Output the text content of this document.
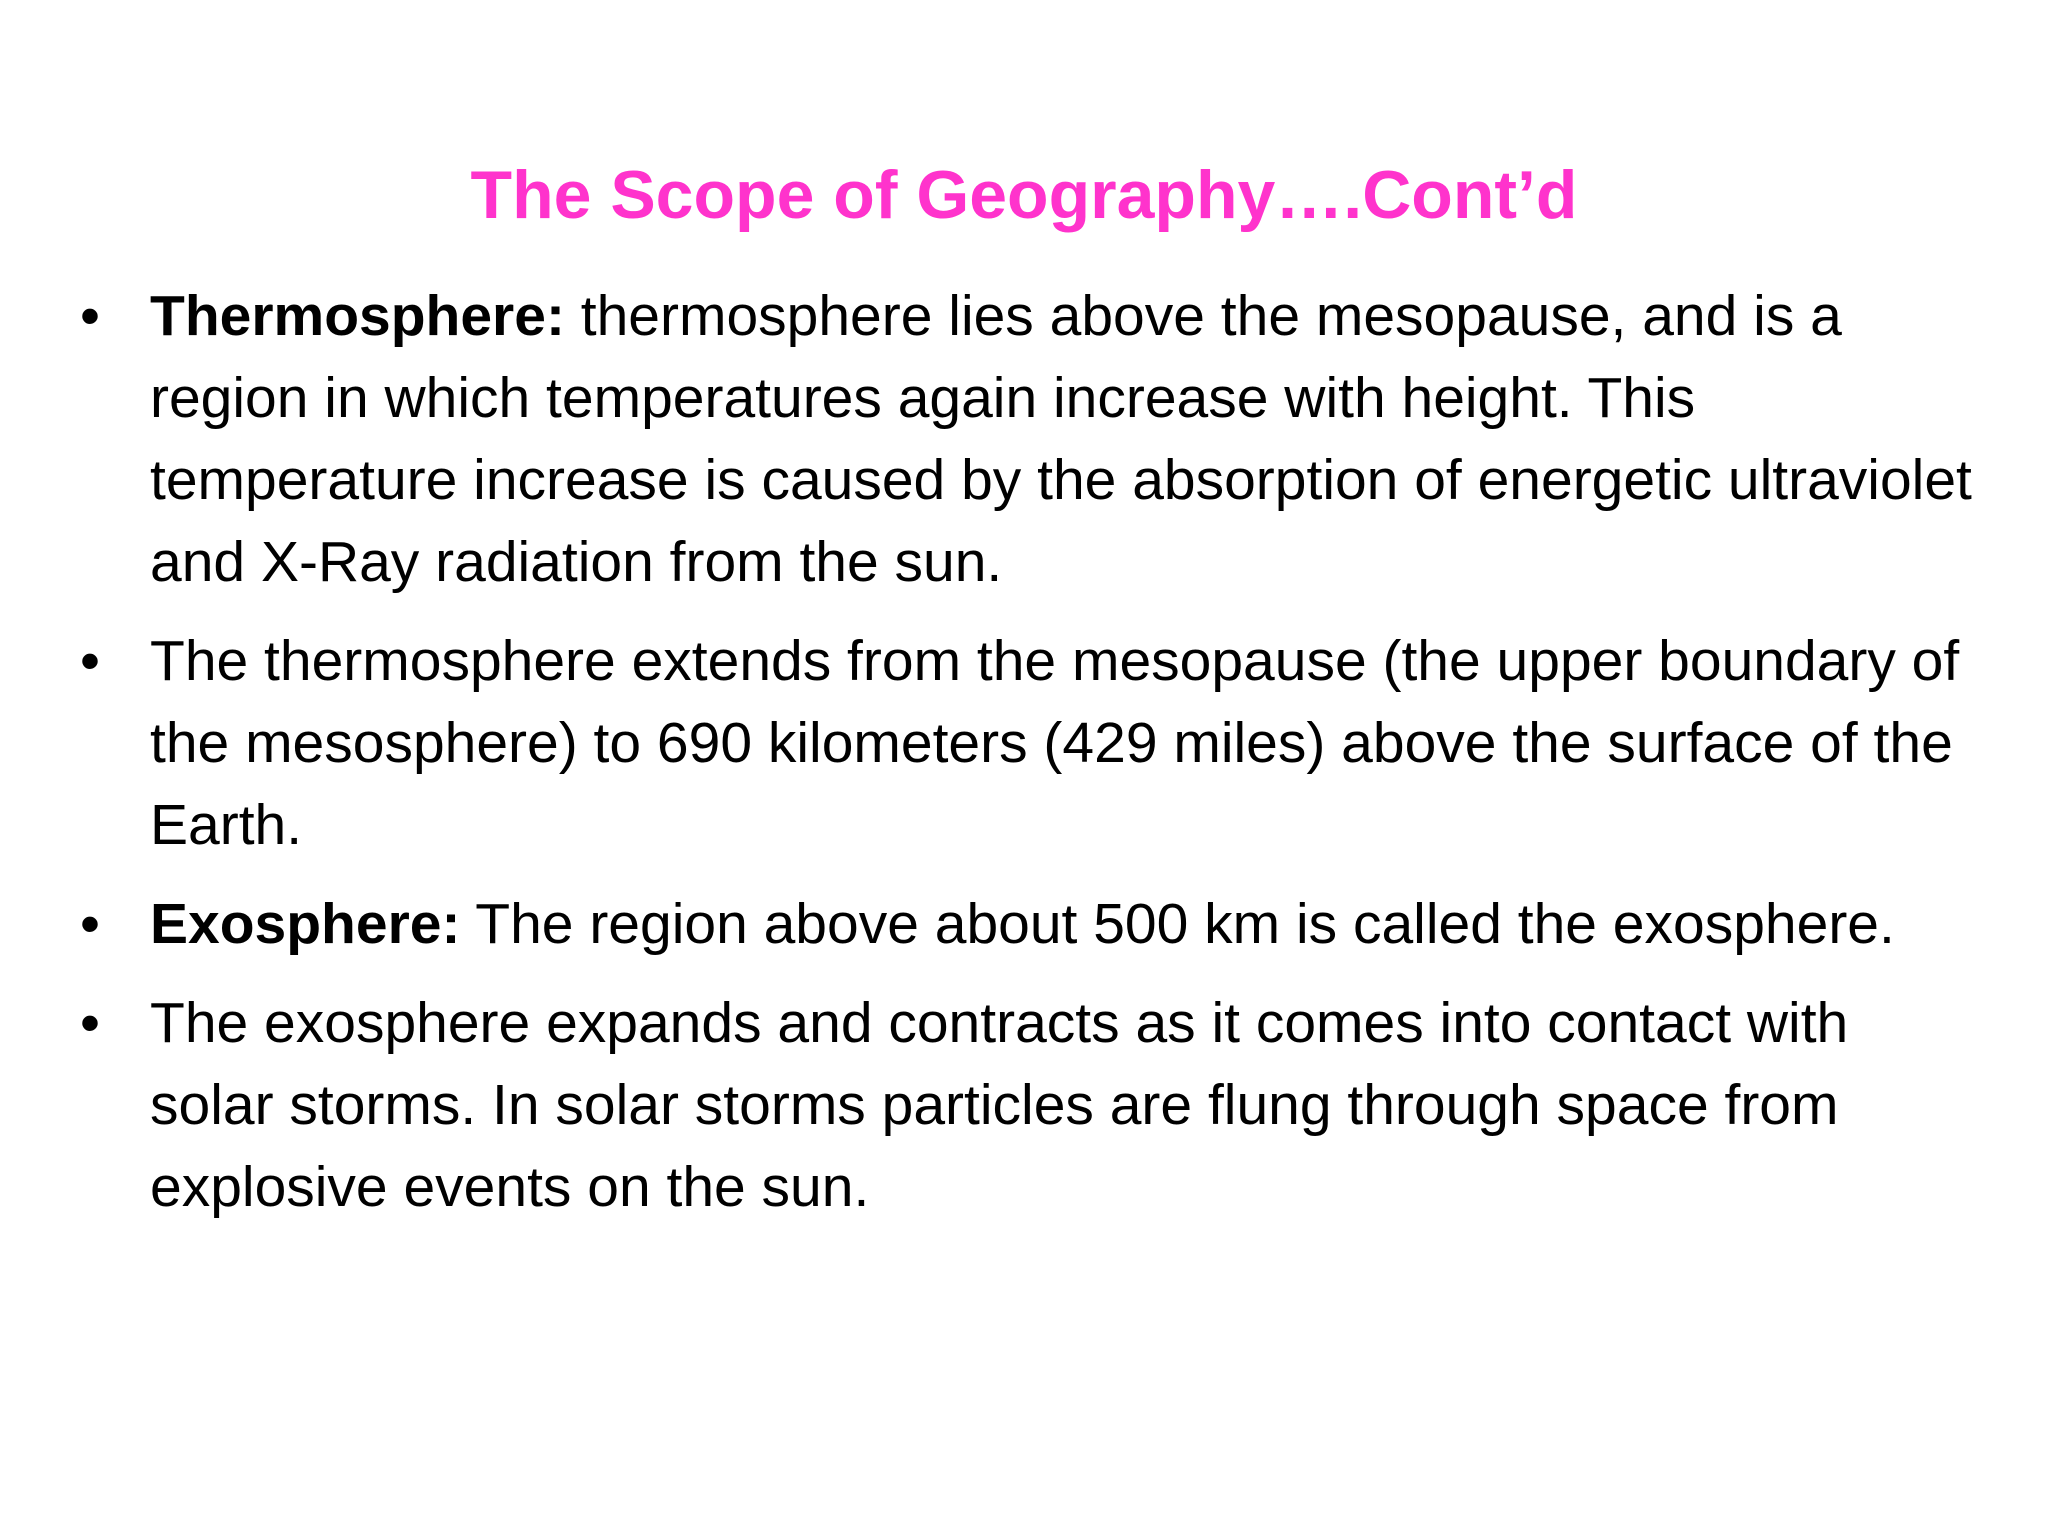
The Scope of Geography….Cont’d
• Thermosphere: thermosphere lies above the mesopause, and is a region in which temperatures again increase with height. This temperature increase is caused by the absorption of energetic ultraviolet and X-Ray radiation from the sun.
• The thermosphere extends from the mesopause (the upper boundary of the mesosphere) to 690 kilometers (429 miles) above the surface of the Earth.
• Exosphere: The region above about 500 km is called the exosphere.
• The exosphere expands and contracts as it comes into contact with solar storms. In solar storms particles are flung through space from explosive events on the sun.
